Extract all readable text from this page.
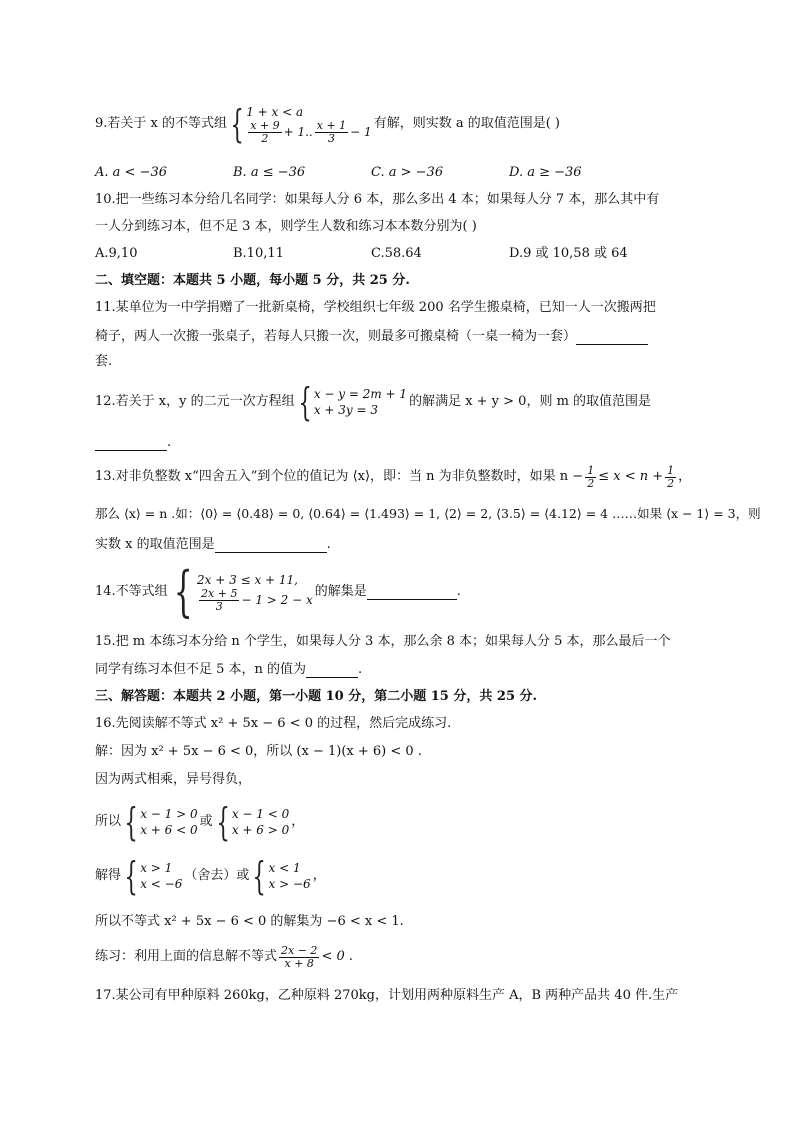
9.若关于 x 的不等式组 { 1 + x < a
$\frac{x + 9}{2} + 1$.. $\frac{x + 1}{3} - 1$
有解，则实数 a 的取值范围是( )
A. a < −36	B. a ≤ −36	C. a > −36	D. a ≥ −36
10.把一些练习本分给几名同学：如果每人分 6 本，那么多出 4 本；如果每人分 7 本，那么其中有
一人分到练习本，但不足 3 本，则学生人数和练习本本数分别为( )
A.9,10	B.10,11	C.58.64	D.9 或 10,58 或 64
二、填空题：本题共 5 小题，每小题 5 分，共 25 分.
11.某单位为一中学捐赠了一批新桌椅，学校组织七年级 200 名学生搬桌椅，已知一人一次搬两把
椅子，两人一次搬一张桌子，若每人只搬一次，则最多可搬桌椅（一桌一椅为一套）
套.
12.若关于 x，y 的二元一次方程组 { x − y = 2m + 1
x + 3y = 3
的解满足 x + y > 0，则 m 的取值范围是
.
13.对非负整数 x“四舍五入”到个位的值记为 ⟨x⟩，即：当 n 为非负整数时，如果 $n - \frac{1}{2} \le x < n + \frac{1}{2}$ ，
那么 ⟨x⟩ = n .如：⟨0⟩ = ⟨0.48⟩ = 0, ⟨0.64⟩ = ⟨1.493⟩ = 1, ⟨2⟩ = 2, ⟨3.5⟩ = ⟨4.12⟩ = 4 ……如果 ⟨x − 1⟩ = 3，则
实数 x 的取值范围是	.
14.不等式组 { 2x + 3 ≤ x + 11,
$\frac{2x + 5}{3} - 1 > 2 - x$
的解集是	.
15.把 m 本练习本分给 n 个学生，如果每人分 3 本，那么余 8 本；如果每人分 5 本，那么最后一个
同学有练习本但不足 5 本，n 的值为	.
三、解答题：本题共 2 小题，第一小题 10 分，第二小题 15 分，共 25 分.
16.先阅读解不等式 x² + 5x − 6 < 0 的过程，然后完成练习.
解：因为 x² + 5x − 6 < 0，所以 (x − 1)(x + 6) < 0 .
因为两式相乘，异号得负，
所以 { x − 1 > 0
x + 6 < 0
或 { x − 1 < 0
x + 6 > 0
，
解得 { x > 1
x < −6
（舍去）或 { x < 1
x > −6
，
所以不等式 x² + 5x − 6 < 0 的解集为 −6 < x < 1.
练习：利用上面的信息解不等式 $\frac{2x - 2}{x + 8} < 0$ .
17.某公司有甲种原料 260kg，乙种原料 270kg，计划用两种原料生产 A，B 两种产品共 40 件.生产
